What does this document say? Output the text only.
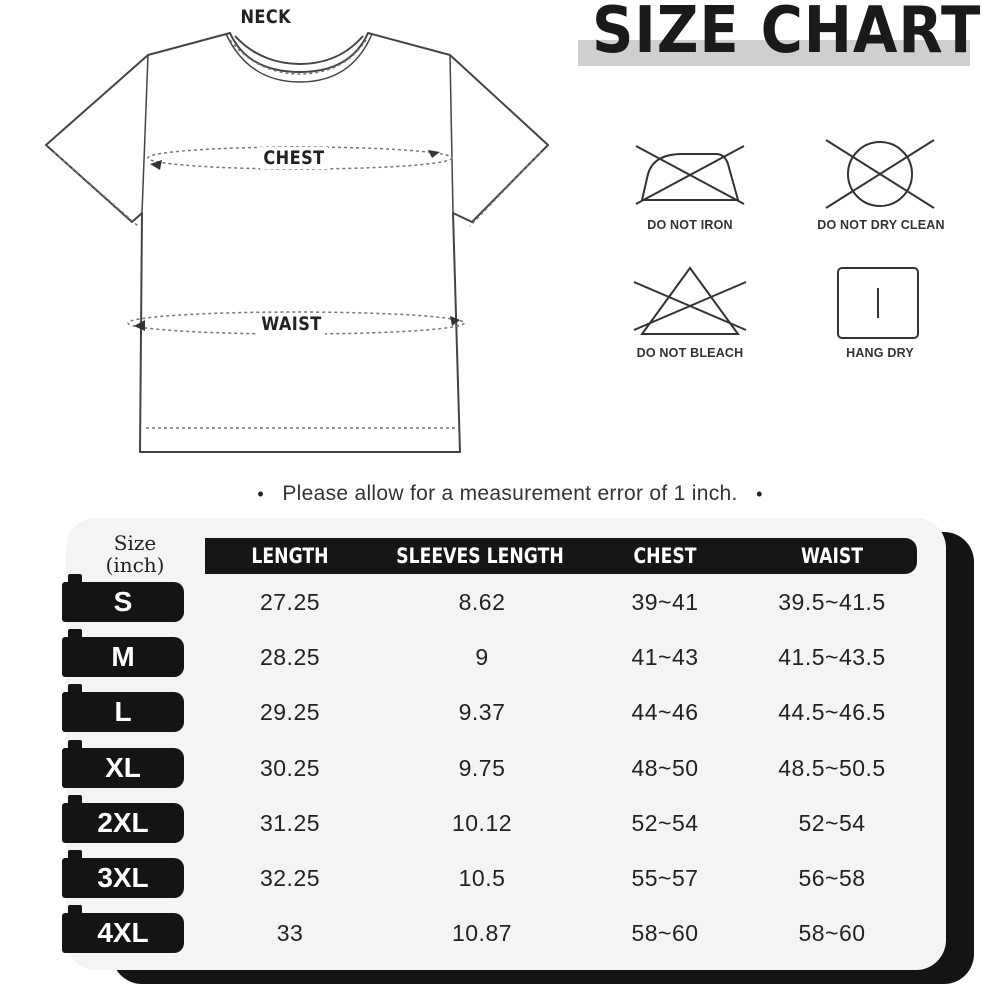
SIZE CHART
NECK
CHEST
WAIST
DO NOT IRON	DO NOT DRY CLEAN
DO NOT BLEACH	HANG DRY
• Please allow for a measurement error of 1 inch. •
Size
(inch)	LENGTH	SLEEVES LENGTH	CHEST	WAIST
S	27.25	8.62	39~41	39.5~41.5
M	28.25	9	41~43	41.5~43.5
L	29.25	9.37	44~46	44.5~46.5
XL	30.25	9.75	48~50	48.5~50.5
2XL	31.25	10.12	52~54	52~54
3XL	32.25	10.5	55~57	56~58
4XL	33	10.87	58~60	58~60
